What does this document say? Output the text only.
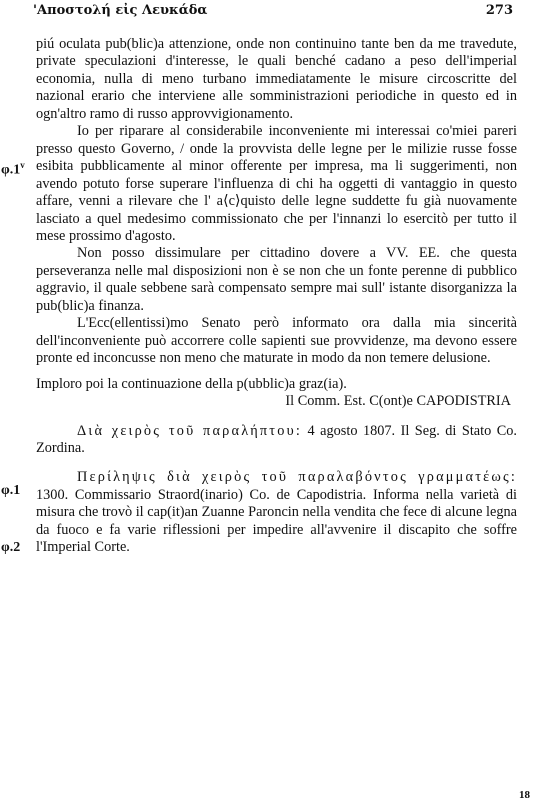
'Αποστολή εἰς Λευκάδα	273
φ.1$^v$
φ.1
φ.2

piú oculata pub(blic)a attenzione, onde non continuino tante ben da me travedute, private speculazioni d'interesse, le quali benché cadano a peso dell'imperial economia, nulla di meno turbano immediatamente le misure circoscritte del nazional erario che interviene alle somministrazioni periodiche in questo ed in ogn'altro ramo di russo approvvigionamento.

Io per riparare al considerabile inconveniente mi interessai co'miei pareri presso questo Governo, / onde la provvista delle legne per le milizie russe fosse esibita pubblicamente al minor offerente per impresa, ma li suggerimenti, non avendo potuto forse superare l'influenza di chi ha oggetti di vantaggio in questo affare, venni a rilevare che l' a⟨c⟩quisto delle legne suddette fu già nuovamente lasciato a quel medesimo commissionato che per l'innanzi lo esercitò per tutto il mese prossimo d'agosto.

Non posso dissimulare per cittadino dovere a VV. EE. che questa perseveranza nelle mal disposizioni non è se non che un fonte perenne di pubblico aggravio, il quale sebbene sarà compensato sempre mai sull' istante disorganizza la pub(blic)a finanza.

L'Ecc(ellentissi)mo Senato però informato ora dalla mia sincerità dell'inconveniente può accorrere colle sapienti sue provvidenze, ma devono essere pronte ed inconcusse non meno che maturate in modo da non temere delusione.

Imploro poi la continuazione della p(ubblic)a graz(ia).

Il Comm. Est. C(ont)e CAPODISTRIA

Διὰ χειρὸς τοῦ παραλήπτου: 4 agosto 1807. Il Seg. di Stato Co. Zordina.

Περίληψις διὰ χειρὸς τοῦ παραλαβόντος γραμματέως: 1300. Commissario Straord(inario) Co. de Capodistria. Informa nella varietà di misura che trovò il cap(it)an Zuanne Paroncin nella vendita che fece di alcune legna da fuoco e fa varie riflessioni per impedire all'avvenire il discapito che soffre l'Imperial Corte.

18
